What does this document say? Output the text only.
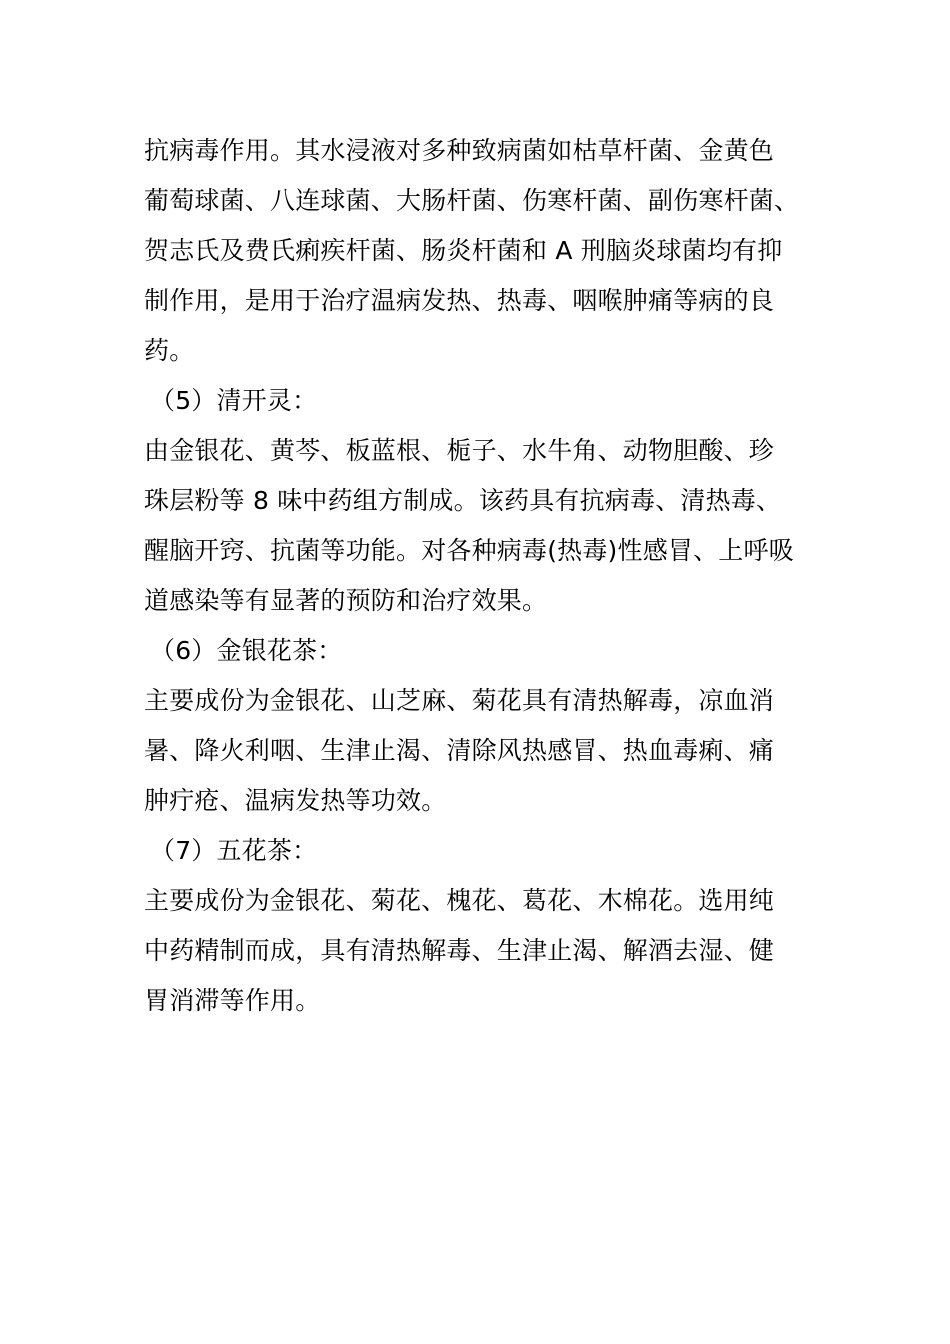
抗病毒作用。其水浸液对多种致病菌如枯草杆菌、金黄色
葡萄球菌、八连球菌、大肠杆菌、伤寒杆菌、副伤寒杆菌、
贺志氏及费氏痢疾杆菌、肠炎杆菌和 A 刑脑炎球菌均有抑
制作用，是用于治疗温病发热、热毒、咽喉肿痛等病的良
药。
（5）清开灵：
由金银花、黄芩、板蓝根、栀子、水牛角、动物胆酸、珍
珠层粉等 8 味中药组方制成。该药具有抗病毒、清热毒、
醒脑开窍、抗菌等功能。对各种病毒(热毒)性感冒、上呼吸
道感染等有显著的预防和治疗效果。
（6）金银花茶：
主要成份为金银花、山芝麻、菊花具有清热解毒，凉血消
暑、降火利咽、生津止渴、清除风热感冒、热血毒痢、痛
肿疔疮、温病发热等功效。
（7）五花茶：
主要成份为金银花、菊花、槐花、葛花、木棉花。选用纯
中药精制而成，具有清热解毒、生津止渴、解酒去湿、健
胃消滞等作用。
